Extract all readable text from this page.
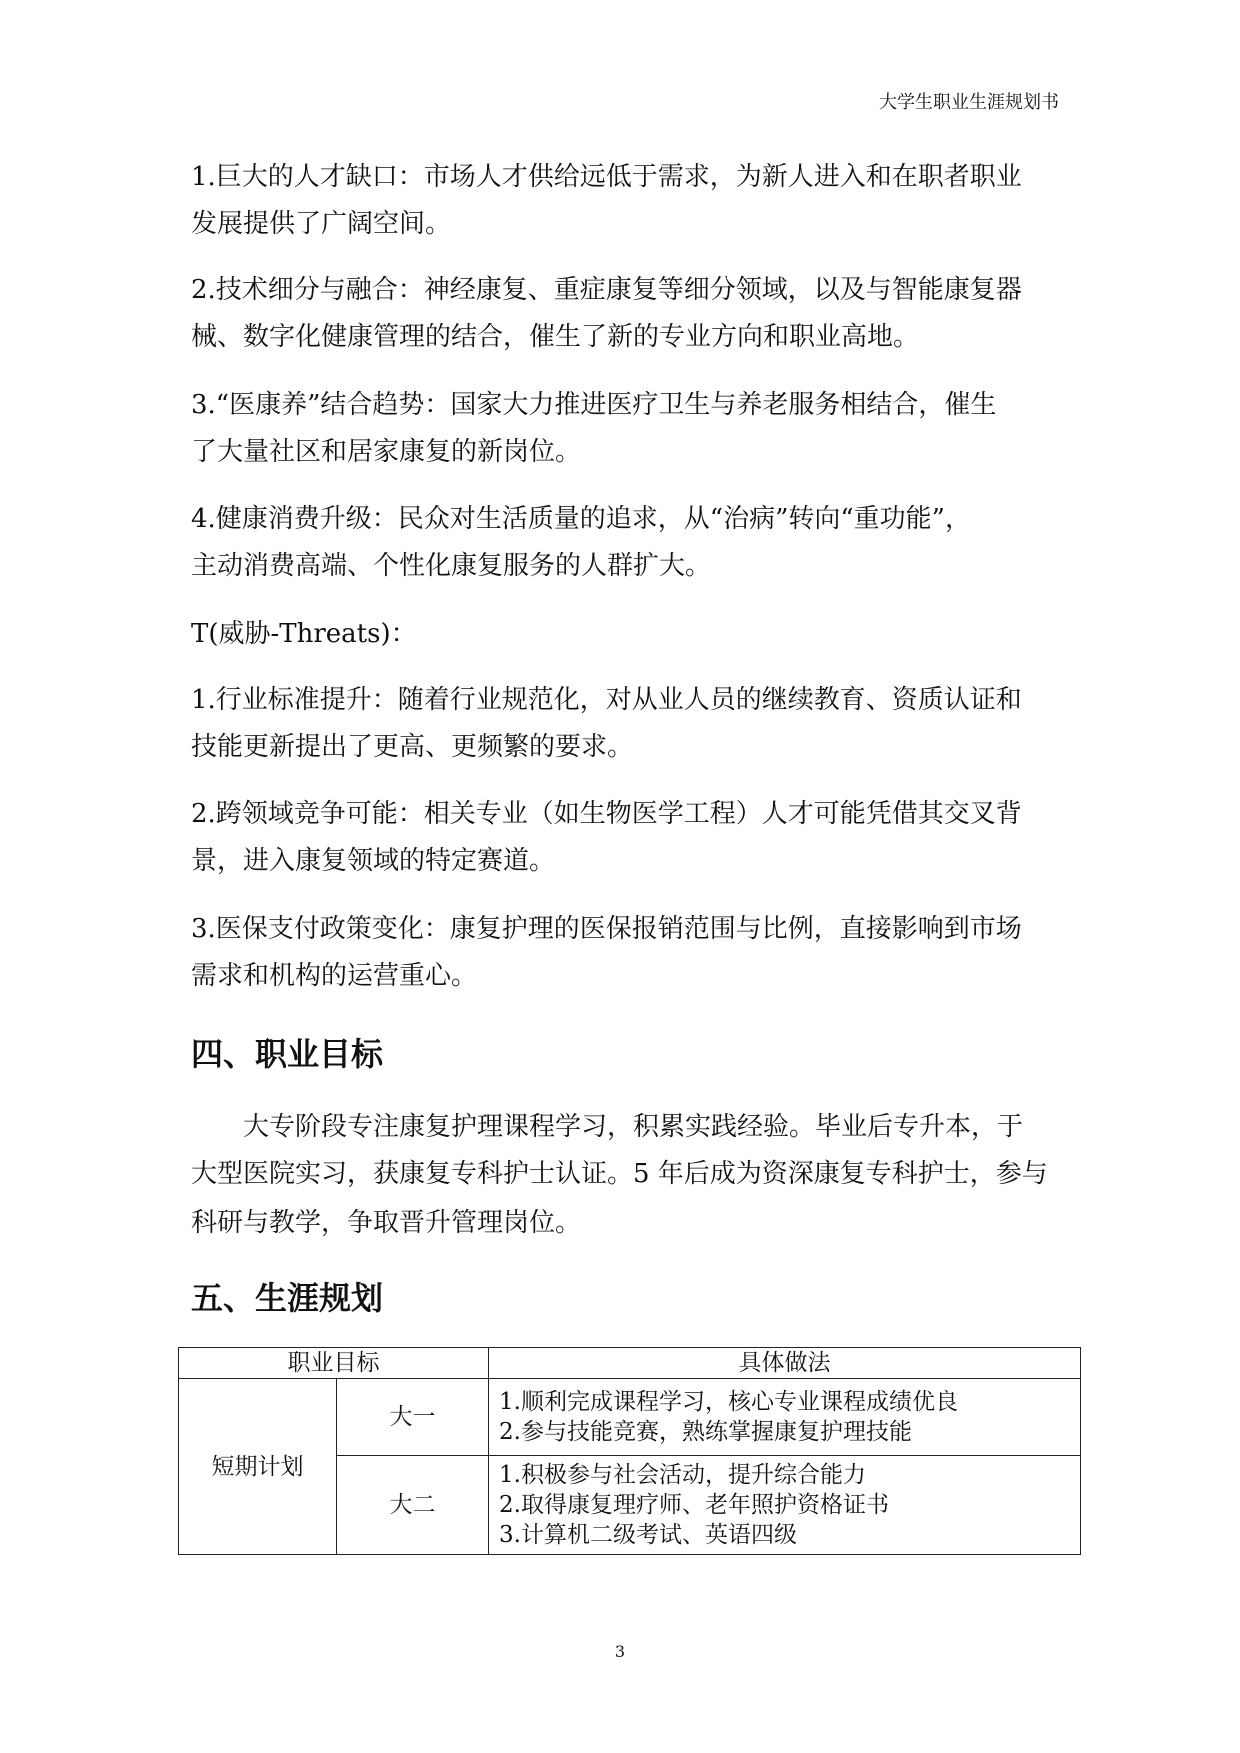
大学生职业生涯规划书
1.巨大的人才缺口：市场人才供给远低于需求，为新人进入和在职者职业
发展提供了广阔空间。
2.技术细分与融合：神经康复、重症康复等细分领域，以及与智能康复器
械、数字化健康管理的结合，催生了新的专业方向和职业高地。
3.“医康养”结合趋势：国家大力推进医疗卫生与养老服务相结合，催生
了大量社区和居家康复的新岗位。
4.健康消费升级：民众对生活质量的追求，从“治病”转向“重功能”，
主动消费高端、个性化康复服务的人群扩大。
T(威胁-Threats)：
1.行业标准提升：随着行业规范化，对从业人员的继续教育、资质认证和
技能更新提出了更高、更频繁的要求。
2.跨领域竞争可能：相关专业（如生物医学工程）人才可能凭借其交叉背
景，进入康复领域的特定赛道。
3.医保支付政策变化：康复护理的医保报销范围与比例，直接影响到市场
需求和机构的运营重心。
四、职业目标
大专阶段专注康复护理课程学习，积累实践经验。毕业后专升本，于
大型医院实习，获康复专科护士认证。5 年后成为资深康复专科护士，参与
科研与教学，争取晋升管理岗位。
五、生涯规划
职业目标		具体做法
短期计划	大一	1.顺利完成课程学习，核心专业课程成绩优良
2.参与技能竞赛，熟练掌握康复护理技能

	大二	1.积极参与社会活动，提升综合能力
2.取得康复理疗师、老年照护资格证书
3.计算机二级考试、英语四级
3
